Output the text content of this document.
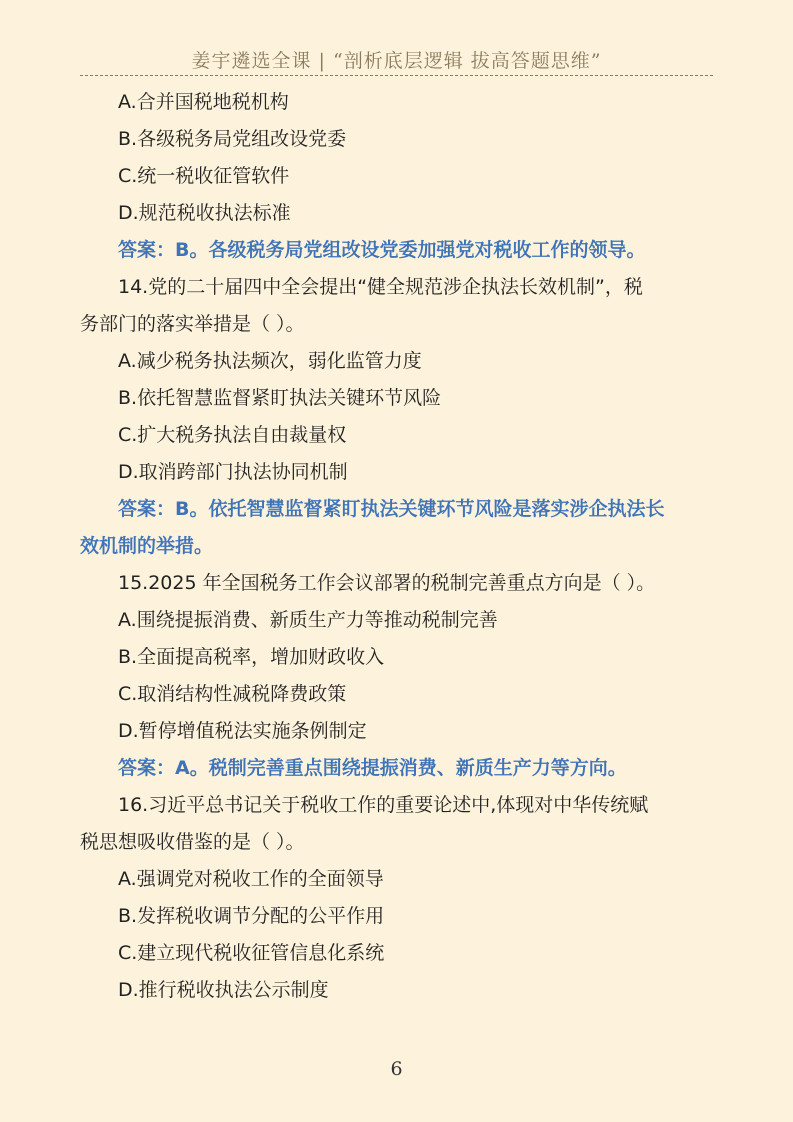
姜宇遴选全课 | “剖析底层逻辑 拔高答题思维”
A.合并国税地税机构
B.各级税务局党组改设党委
C.统一税收征管软件
D.规范税收执法标准
答案：B。各级税务局党组改设党委加强党对税收工作的领导。
14.党的二十届四中全会提出“健全规范涉企执法长效机制”，税
务部门的落实举措是（ ）。
A.减少税务执法频次，弱化监管力度
B.依托智慧监督紧盯执法关键环节风险
C.扩大税务执法自由裁量权
D.取消跨部门执法协同机制
答案：B。依托智慧监督紧盯执法关键环节风险是落实涉企执法长
效机制的举措。
15.2025 年全国税务工作会议部署的税制完善重点方向是（ ）。
A.围绕提振消费、新质生产力等推动税制完善
B.全面提高税率，增加财政收入
C.取消结构性减税降费政策
D.暂停增值税法实施条例制定
答案：A。税制完善重点围绕提振消费、新质生产力等方向。
16.习近平总书记关于税收工作的重要论述中,体现对中华传统赋
税思想吸收借鉴的是（ ）。
A.强调党对税收工作的全面领导
B.发挥税收调节分配的公平作用
C.建立现代税收征管信息化系统
D.推行税收执法公示制度
6
